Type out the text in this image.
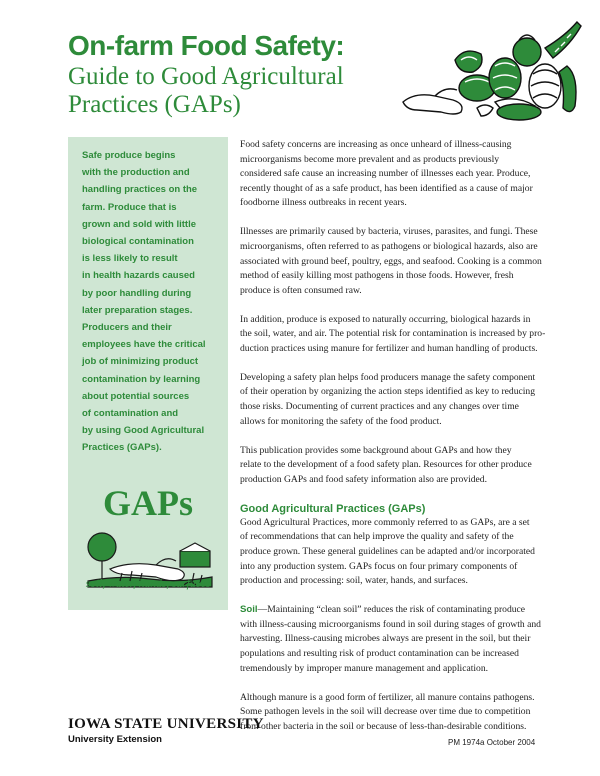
On-farm Food Safety:
Guide to Good Agricultural
Practices (GAPs)
Safe produce begins
with the production and
handling practices on the
farm. Produce that is
grown and sold with little
biological contamination
is less likely to result
in health hazards caused
by poor handling during
later preparation stages.
Producers and their
employees have the critical
job of minimizing product
contamination by learning
about potential sources
of contamination and
by using Good Agricultural
Practices (GAPs).
GAPs
soil, water, hands, surfaces

Food safety concerns are increasing as once unheard of illness-causing
microorganisms become more prevalent and as products previously
considered safe cause an increasing number of illnesses each year. Produce,
recently thought of as a safe product, has been identified as a cause of major
foodborne illness outbreaks in recent years.

Illnesses are primarily caused by bacteria, viruses, parasites, and fungi. These
microorganisms, often referred to as pathogens or biological hazards, also are
associated with ground beef, poultry, eggs, and seafood. Cooking is a common
method of easily killing most pathogens in those foods. However, fresh
produce is often consumed raw.

In addition, produce is exposed to naturally occurring, biological hazards in
the soil, water, and air. The potential risk for contamination is increased by pro-
duction practices using manure for fertilizer and human handling of products.

Developing a safety plan helps food producers manage the safety component
of their operation by organizing the action steps identified as key to reducing
those risks. Documenting of current practices and any changes over time
allows for monitoring the safety of the food product.

This publication provides some background about GAPs and how they
relate to the development of a food safety plan. Resources for other produce
production GAPs and food safety information also are provided.

Good Agricultural Practices (GAPs)

Good Agricultural Practices, more commonly referred to as GAPs, are a set
of recommendations that can help improve the quality and safety of the
produce grown. These general guidelines can be adapted and/or incorporated
into any production system. GAPs focus on four primary components of
production and processing: soil, water, hands, and surfaces.

Soil—Maintaining “clean soil” reduces the risk of contaminating produce
with illness-causing microorganisms found in soil during stages of growth and
harvesting. Illness-causing microbes always are present in the soil, but their
populations and resulting risk of product contamination can be increased
tremendously by improper manure management and application.

Although manure is a good form of fertilizer, all manure contains pathogens.
Some pathogen levels in the soil will decrease over time due to competition
from other bacteria in the soil or because of less-than-desirable conditions.

IOWA STATE UNIVERSITY
University Extension	PM 1974a October 2004
